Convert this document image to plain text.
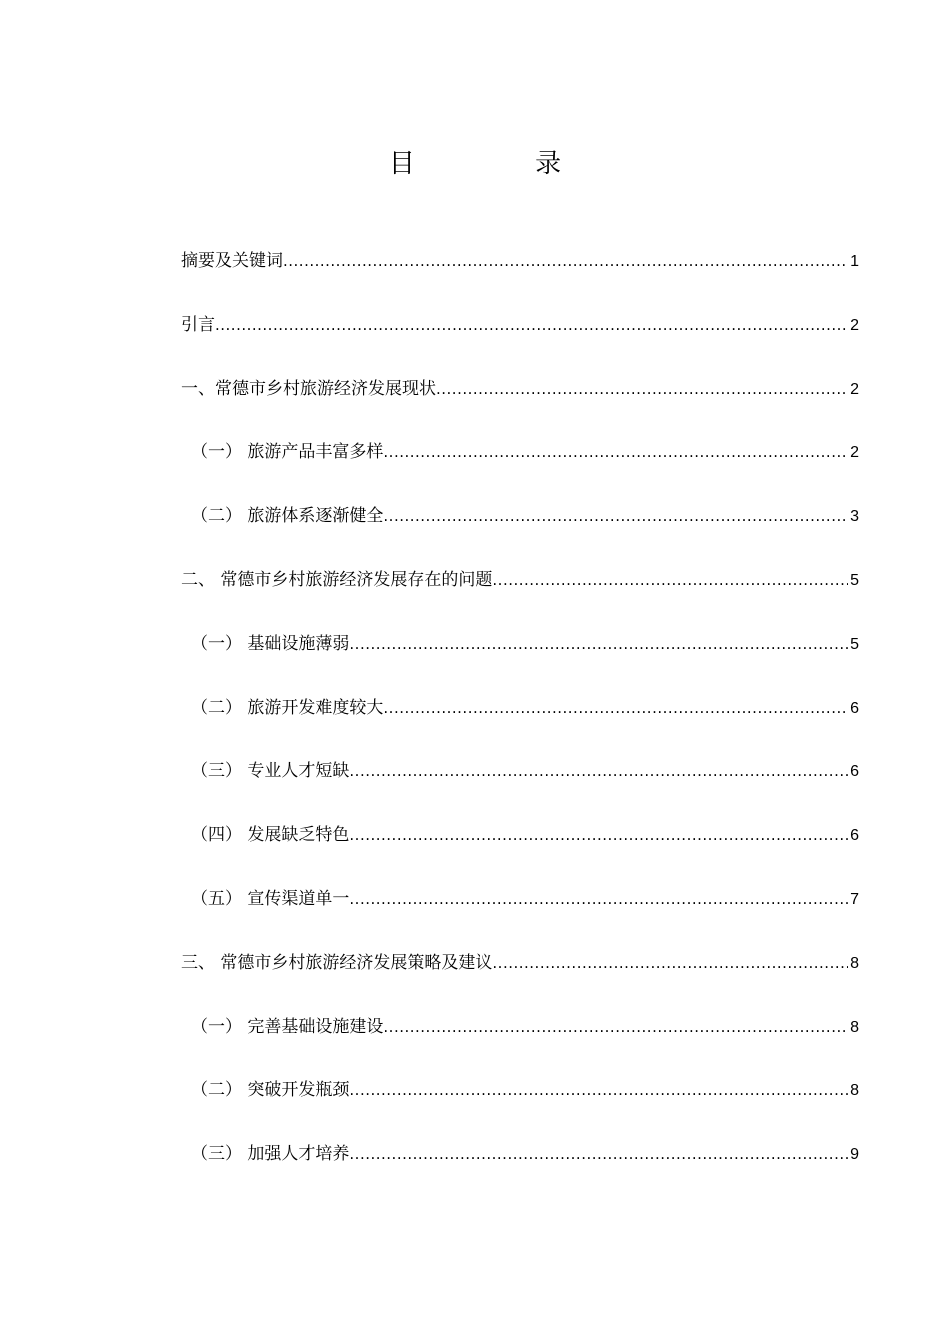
目 录
摘要及关键词 .....	1
引言 .....	2
一、常德市乡村旅游经济发展现状 .....	2
（一） 旅游产品丰富多样 .....	2
（二） 旅游体系逐渐健全 .....	3
二、 常德市乡村旅游经济发展存在的问题 .....	5
（一） 基础设施薄弱 .....	5
（二） 旅游开发难度较大 .....	6
（三） 专业人才短缺 .....	6
（四） 发展缺乏特色 .....	6
（五） 宣传渠道单一 .....	7
三、 常德市乡村旅游经济发展策略及建议 .....	8
（一） 完善基础设施建设 .....	8
（二） 突破开发瓶颈 .....	8
（三） 加强人才培养 .....	9
